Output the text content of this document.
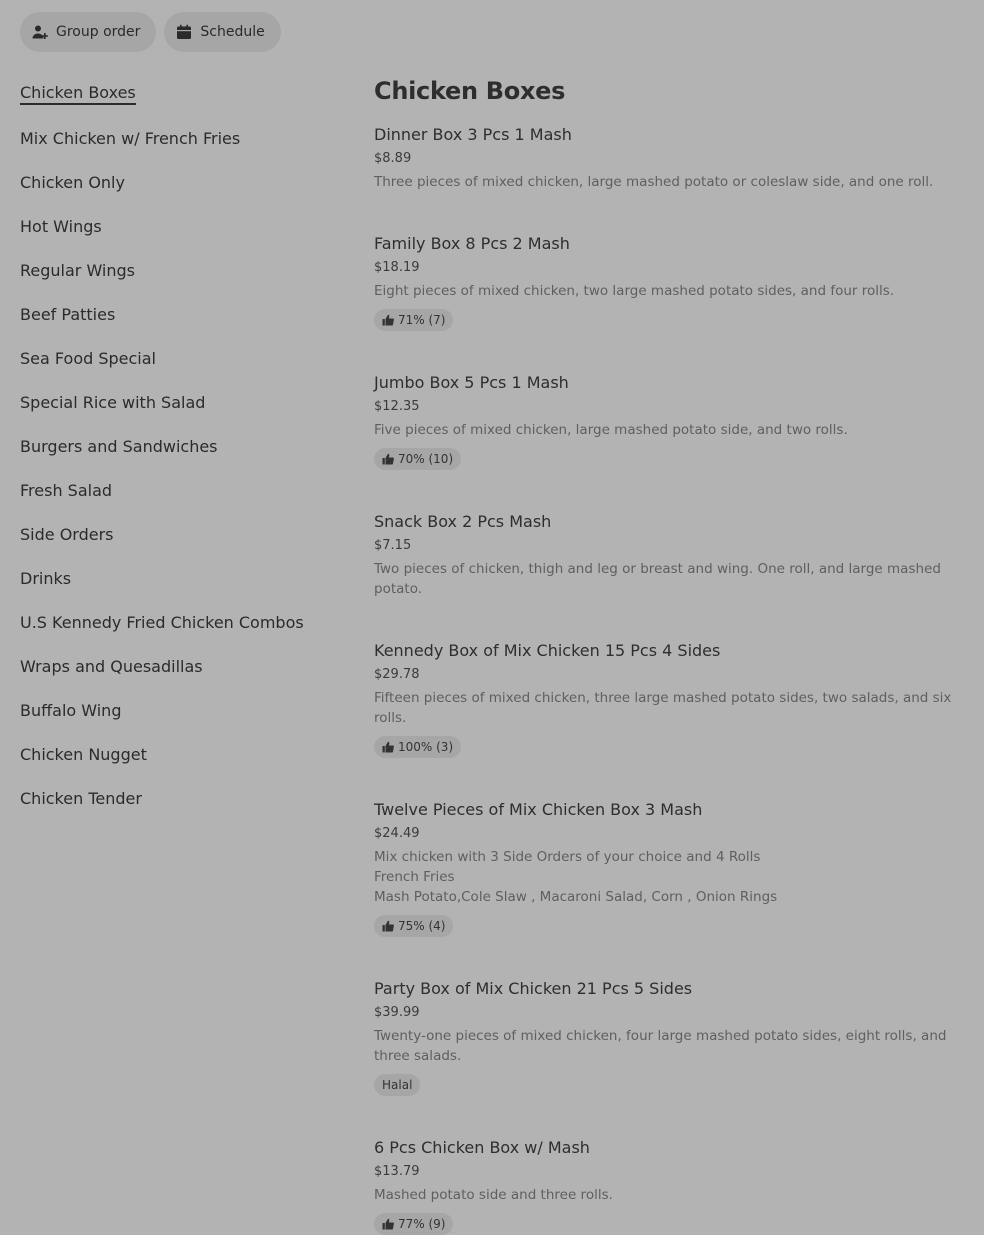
Group order	Schedule
Chicken Boxes
Mix Chicken w/ French Fries
Chicken Only
Hot Wings
Regular Wings
Beef Patties
Sea Food Special
Special Rice with Salad
Burgers and Sandwiches
Fresh Salad
Side Orders
Drinks
U.S Kennedy Fried Chicken Combos
Wraps and Quesadillas
Buffalo Wing
Chicken Nugget
Chicken Tender
Chicken Boxes
Dinner Box 3 Pcs 1 Mash
$8.89
Three pieces of mixed chicken, large mashed potato or coleslaw side, and one roll.
Family Box 8 Pcs 2 Mash
$18.19
Eight pieces of mixed chicken, two large mashed potato sides, and four rolls.
71% (7)
Jumbo Box 5 Pcs 1 Mash
$12.35
Five pieces of mixed chicken, large mashed potato side, and two rolls.
70% (10)
Snack Box 2 Pcs Mash
$7.15
Two pieces of chicken, thigh and leg or breast and wing. One roll, and large mashed potato.
Kennedy Box of Mix Chicken 15 Pcs 4 Sides
$29.78
Fifteen pieces of mixed chicken, three large mashed potato sides, two salads, and six rolls.
100% (3)
Twelve Pieces of Mix Chicken Box 3 Mash
$24.49
Mix chicken with 3 Side Orders of your choice and 4 Rolls
French Fries
Mash Potato,Cole Slaw , Macaroni Salad, Corn , Onion Rings
75% (4)
Party Box of Mix Chicken 21 Pcs 5 Sides
$39.99
Twenty-one pieces of mixed chicken, four large mashed potato sides, eight rolls, and three salads.
Halal
6 Pcs Chicken Box w/ Mash
$13.79
Mashed potato side and three rolls.
77% (9)
